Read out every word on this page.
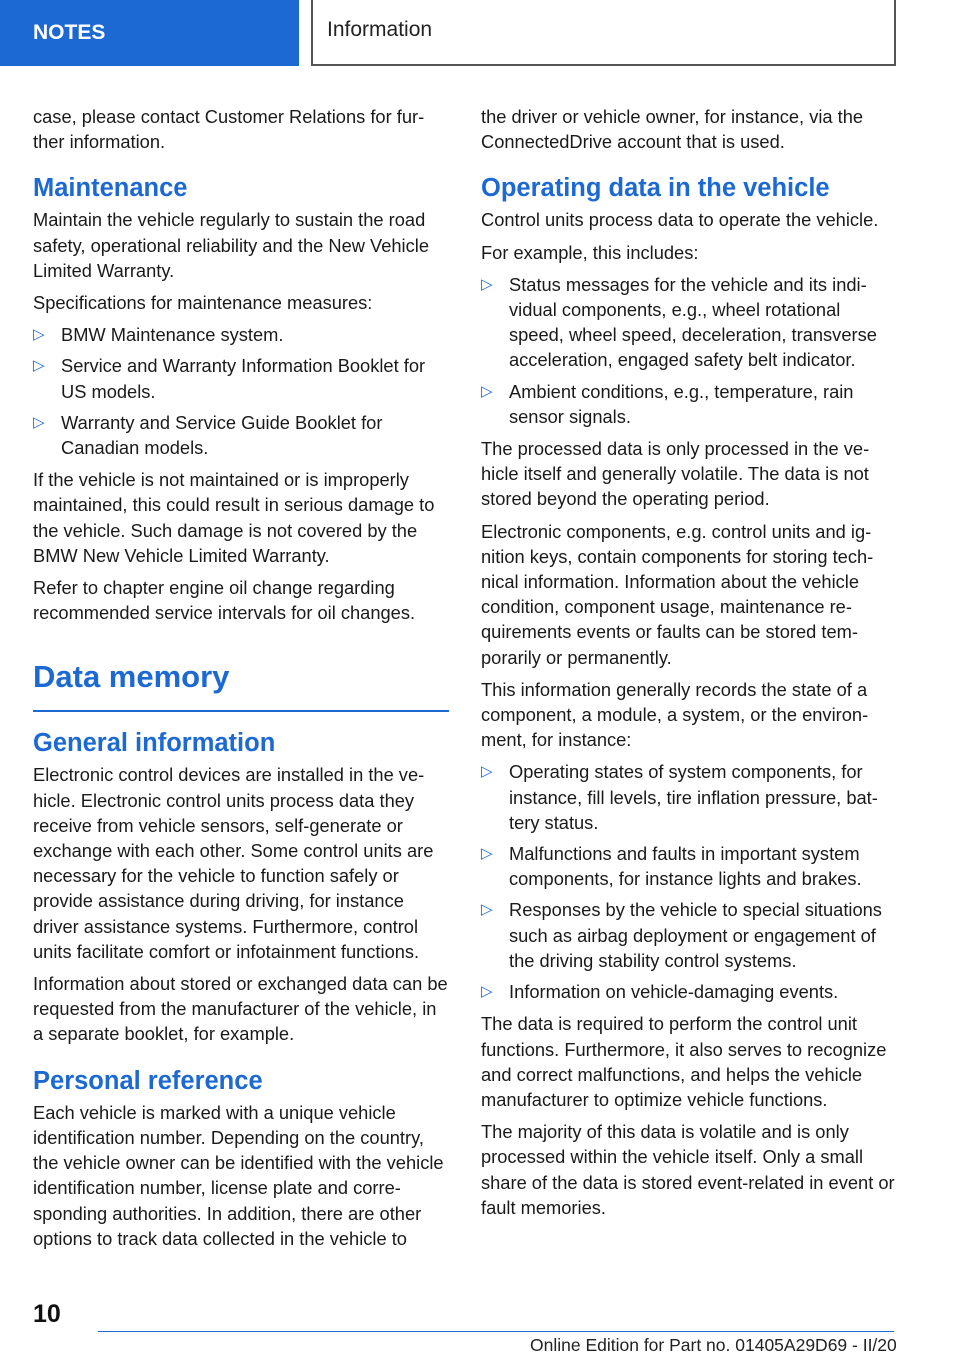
NOTES	Information

case, please contact Customer Relations for further information.

Maintenance

Maintain the vehicle regularly to sustain the road safety, operational reliability and the New Vehicle Limited Warranty.

Specifications for maintenance measures:

▷ BMW Maintenance system.
▷ Service and Warranty Information Booklet for US models.
▷ Warranty and Service Guide Booklet for Canadian models.

If the vehicle is not maintained or is improperly maintained, this could result in serious damage to the vehicle. Such damage is not covered by the BMW New Vehicle Limited Warranty.

Refer to chapter engine oil change regarding recommended service intervals for oil changes.

Data memory
General information

Electronic control devices are installed in the vehicle. Electronic control units process data they receive from vehicle sensors, self-generate or exchange with each other. Some control units are necessary for the vehicle to function safely or provide assistance during driving, for instance driver assistance systems. Furthermore, control units facilitate comfort or infotainment functions.

Information about stored or exchanged data can be requested from the manufacturer of the vehicle, in a separate booklet, for example.

Personal reference

Each vehicle is marked with a unique vehicle identification number. Depending on the country, the vehicle owner can be identified with the vehicle identification number, license plate and corresponding authorities. In addition, there are other options to track data collected in the vehicle to

the driver or vehicle owner, for instance, via the ConnectedDrive account that is used.

Operating data in the vehicle

Control units process data to operate the vehicle.

For example, this includes:

▷ Status messages for the vehicle and its individual components, e.g., wheel rotational speed, wheel speed, deceleration, transverse acceleration, engaged safety belt indicator.
▷ Ambient conditions, e.g., temperature, rain sensor signals.

The processed data is only processed in the vehicle itself and generally volatile. The data is not stored beyond the operating period.

Electronic components, e.g. control units and ignition keys, contain components for storing technical information. Information about the vehicle condition, component usage, maintenance requirements events or faults can be stored temporarily or permanently.

This information generally records the state of a component, a module, a system, or the environment, for instance:

▷ Operating states of system components, for instance, fill levels, tire inflation pressure, battery status.
▷ Malfunctions and faults in important system components, for instance lights and brakes.
▷ Responses by the vehicle to special situations such as airbag deployment or engagement of the driving stability control systems.
▷ Information on vehicle-damaging events.

The data is required to perform the control unit functions. Furthermore, it also serves to recognize and correct malfunctions, and helps the vehicle manufacturer to optimize vehicle functions.

The majority of this data is volatile and is only processed within the vehicle itself. Only a small share of the data is stored event-related in event or fault memories.

10
Online Edition for Part no. 01405A29D69 - II/20
